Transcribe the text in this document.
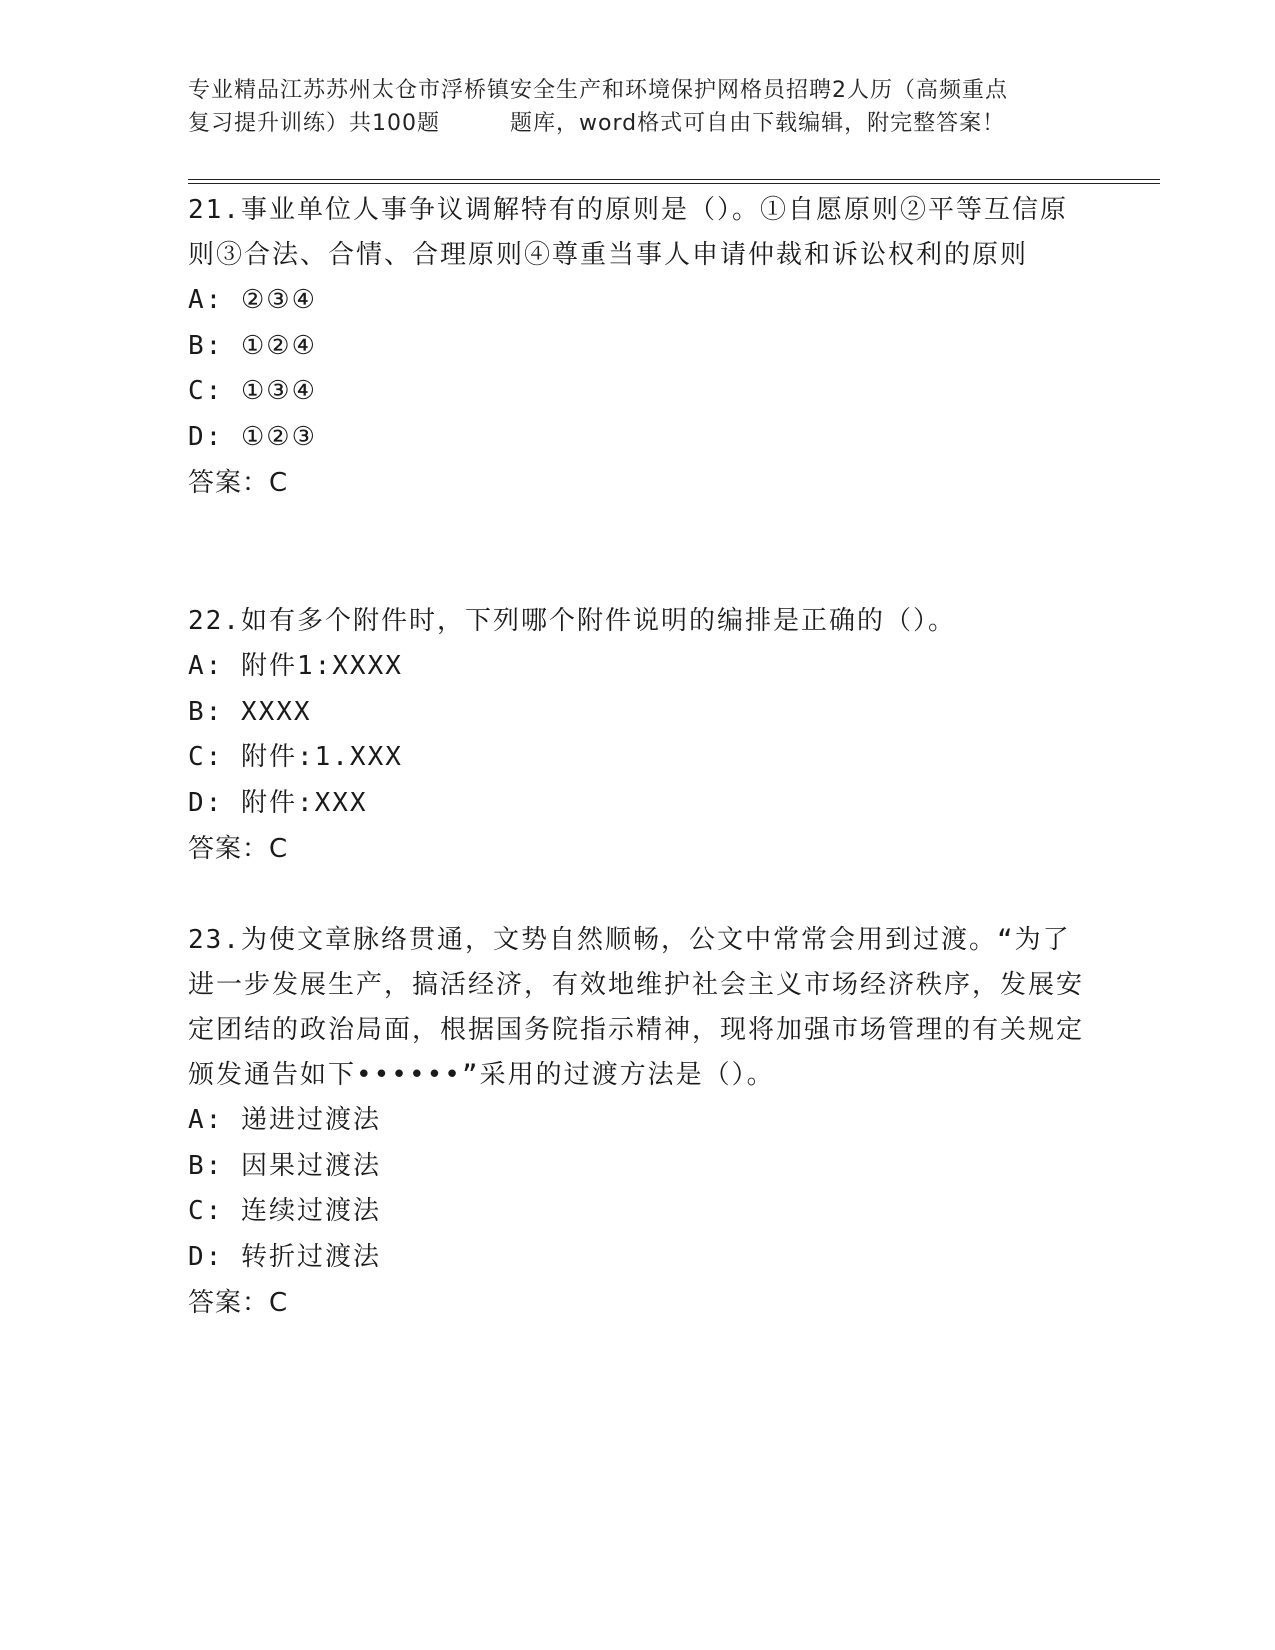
专业精品江苏苏州太仓市浮桥镇安全生产和环境保护网格员招聘2人历（高频重点
复习提升训练）共100题	题库，word格式可自由下载编辑，附完整答案！

21.事业单位人事争议调解特有的原则是（）。①自愿原则②平等互信原则③合法、合情、合理原则④尊重当事人申请仲裁和诉讼权利的原则

A: ②③④

B: ①②④

C: ①③④

D: ①②③

答案：C

22.如有多个附件时，下列哪个附件说明的编排是正确的（）。

A: 附件1:XXXX

B: XXXX

C: 附件:1.XXX

D: 附件:XXX

答案：C

23.为使文章脉络贯通，文势自然顺畅，公文中常常会用到过渡。“为了进一步发展生产，搞活经济，有效地维护社会主义市场经济秩序，发展安定团结的政治局面，根据国务院指示精神，现将加强市场管理的有关规定颁发通告如下••••••”采用的过渡方法是（）。

A: 递进过渡法

B: 因果过渡法

C: 连续过渡法

D: 转折过渡法

答案：C
